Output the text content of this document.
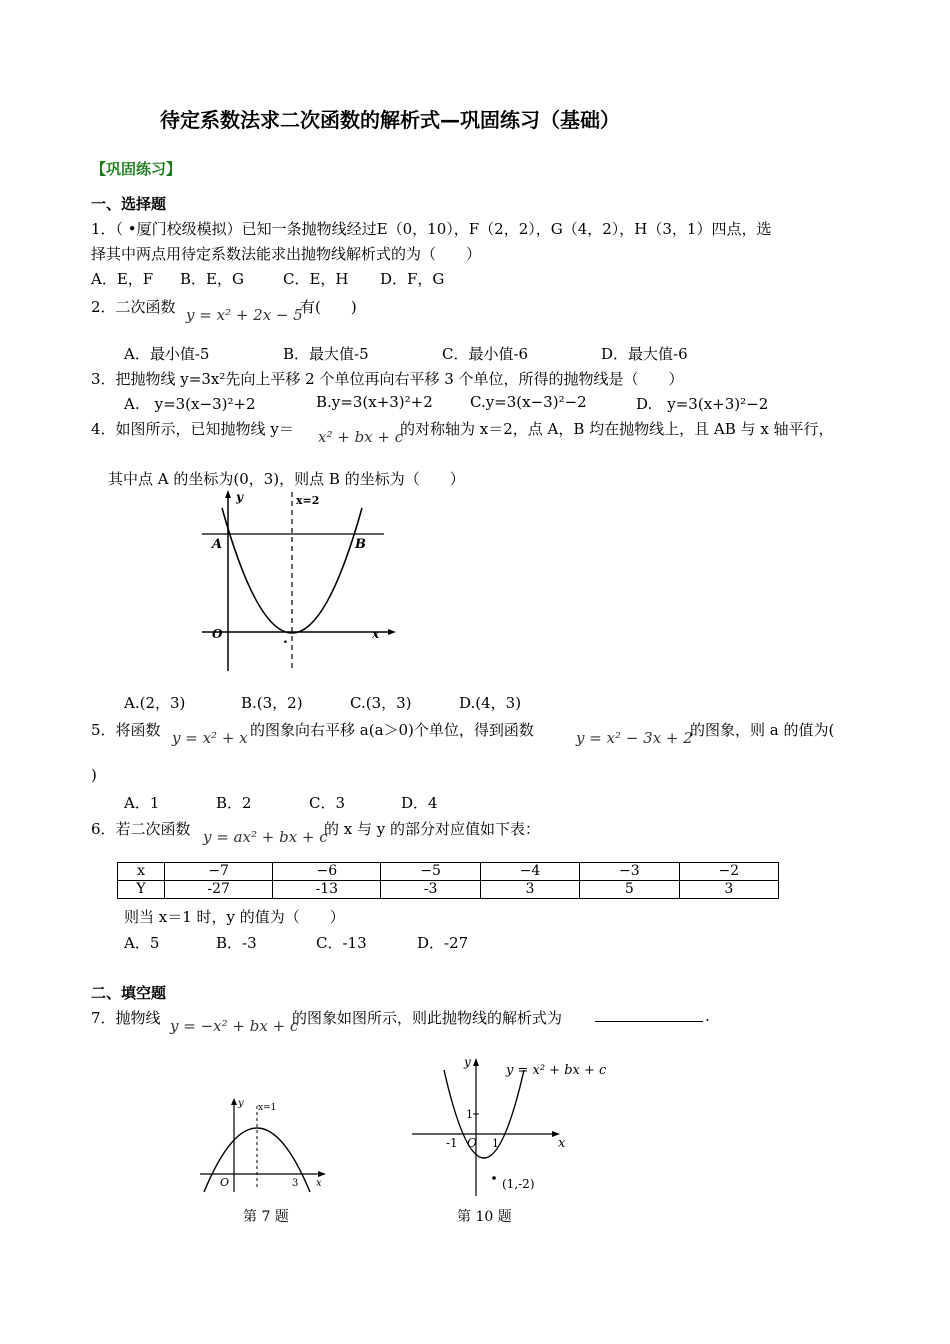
待定系数法求二次函数的解析式—巩固练习（基础）
【巩固练习】
一、选择题
1．（ •厦门校级模拟）已知一条抛物线经过E（0，10），F（2，2），G（4，2），H（3，1）四点，选
择其中两点用待定系数法能求出抛物线解析式的为（　　）
A．E，F B．E，G	C．E，H D．F，G
2．二次函数 y = x² + 2x − 5
有(　　)
A．最小值-5	B．最大值-5	C．最小值-6	D．最大值-6
3．把抛物线 y=3x²先向上平移 2 个单位再向右平移 3 个单位，所得的抛物线是（　　）
A.　y=3(x−3)²+2	B.y=3(x+3)²+2 C.y=3(x−3)²−2	D.　y=3(x+3)²−2
4．如图所示，已知抛物线 y＝ x² + bx + c
的对称轴为 x＝2，点 A，B 均在抛物线上，且 AB 与 x 轴平行，
其中点 A 的坐标为(0，3)，则点 B 的坐标为（　　）
y	x=2
A	B
O	x
.
A.(2，3)	B.(3，2)	C.(3，3)	D.(4，3)
5．将函数 y = x² + x 的图象向右平移 a(a＞0)个单位，得到函数	y = x² − 3x + 2
的图象，则 a 的值为(
)
A．1	B．2	C．3	D．4
6．若二次函数 y = ax² + bx + c
的 x 与 y 的部分对应值如下表：
x	−7	−6	−5	−4	−3	−2
Y	-27	-13	-3	3	5	3
则当 x＝1 时，y 的值为（　　）
A．5	B．-3	C．-13	D．-27
二、填空题
7．抛物线 y = −x² + bx + c
的图象如图所示，则此抛物线的解析式为	.
y x=1
O	3 x
第 7 题
y
y = x² + bx + c
1
-1 O 1	x
(1,-2)
第 10 题
